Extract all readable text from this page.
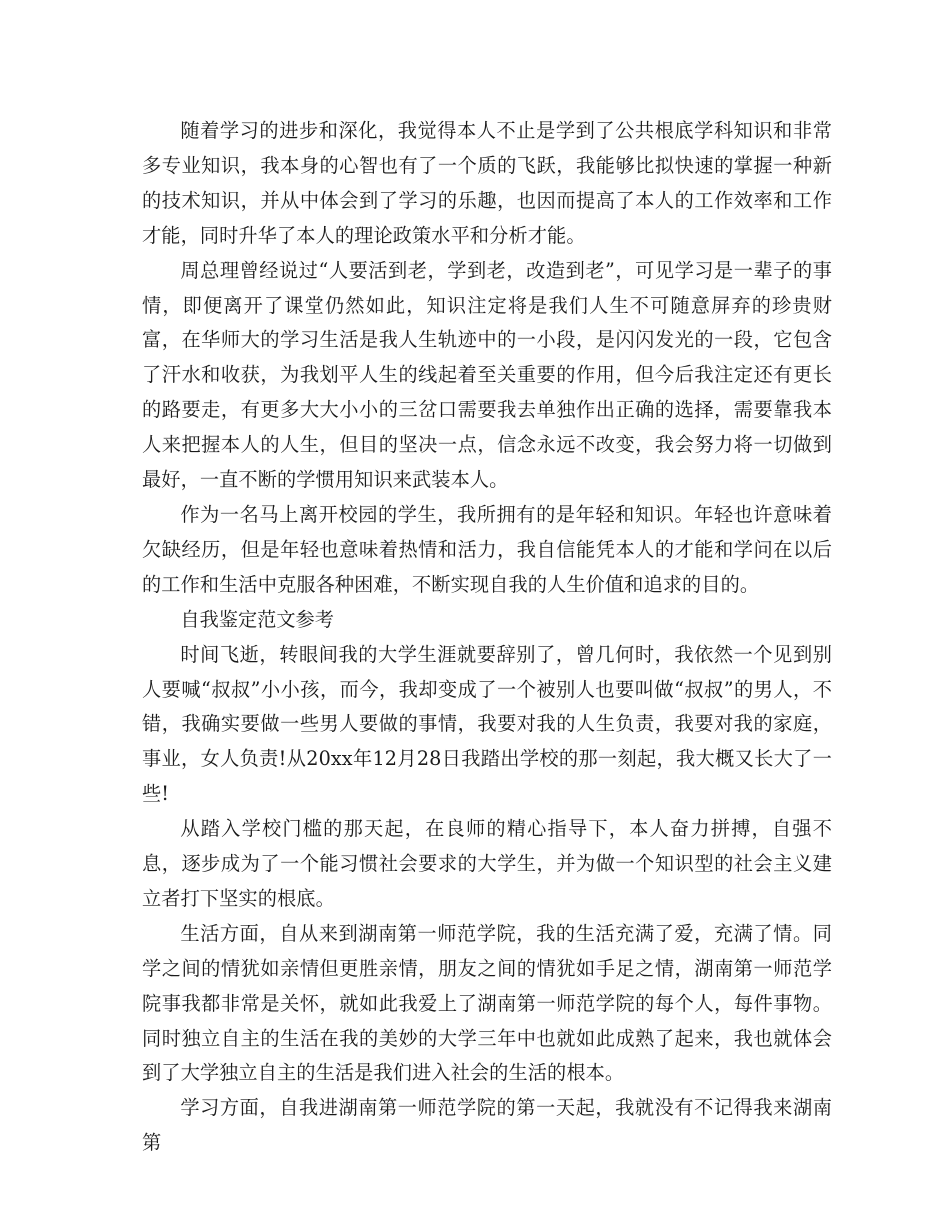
随着学习的进步和深化，我觉得本人不止是学到了公共根底学科知识和非常多专业知识，我本身的心智也有了一个质的飞跃，我能够比拟快速的掌握一种新的技术知识，并从中体会到了学习的乐趣，也因而提高了本人的工作效率和工作才能，同时升华了本人的理论政策水平和分析才能。

周总理曾经说过“人要活到老，学到老，改造到老”，可见学习是一辈子的事情，即便离开了课堂仍然如此，知识注定将是我们人生不可随意屏弃的珍贵财富，在华师大的学习生活是我人生轨迹中的一小段，是闪闪发光的一段，它包含了汗水和收获，为我划平人生的线起着至关重要的作用，但今后我注定还有更长的路要走，有更多大大小小的三岔口需要我去单独作出正确的选择，需要靠我本人来把握本人的人生，但目的坚决一点，信念永远不改变，我会努力将一切做到最好，一直不断的学惯用知识来武装本人。

作为一名马上离开校园的学生，我所拥有的是年轻和知识。年轻也许意味着欠缺经历，但是年轻也意味着热情和活力，我自信能凭本人的才能和学问在以后的工作和生活中克服各种困难，不断实现自我的人生价值和追求的目的。

自我鉴定范文参考

时间飞逝，转眼间我的大学生涯就要辞别了，曾几何时，我依然一个见到别人要喊“叔叔”小小孩，而今，我却变成了一个被别人也要叫做“叔叔”的男人，不错，我确实要做一些男人要做的事情，我要对我的人生负责，我要对我的家庭，事业，女人负责!从20xx年12月28日我踏出学校的那一刻起，我大概又长大了一些!

从踏入学校门槛的那天起，在良师的精心指导下，本人奋力拼搏，自强不息，逐步成为了一个能习惯社会要求的大学生，并为做一个知识型的社会主义建立者打下坚实的根底。

生活方面，自从来到湖南第一师范学院，我的生活充满了爱，充满了情。同学之间的情犹如亲情但更胜亲情，朋友之间的情犹如手足之情，湖南第一师范学院事我都非常是关怀，就如此我爱上了湖南第一师范学院的每个人，每件事物。同时独立自主的生活在我的美妙的大学三年中也就如此成熟了起来，我也就体会到了大学独立自主的生活是我们进入社会的生活的根本。

学习方面，自我进湖南第一师范学院的第一天起，我就没有不记得我来湖南第
